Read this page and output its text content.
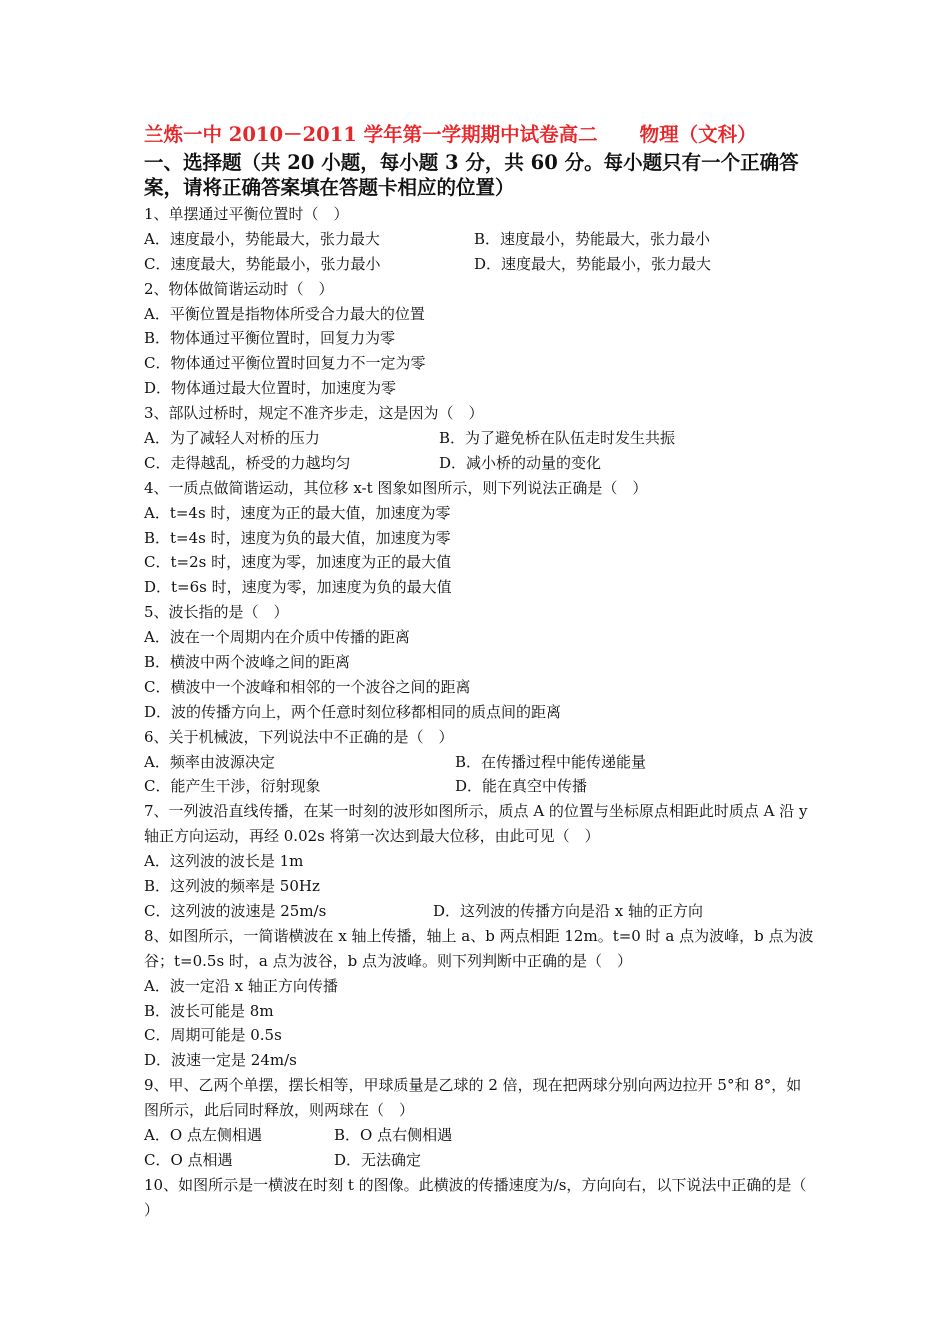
兰炼一中 2010－2011 学年第一学期期中试卷高二 物理（文科）
一、选择题（共 20 小题，每小题 3 分，共 60 分。每小题只有一个正确答案，请将正确答案填在答题卡相应的位置）
1、单摆通过平衡位置时（　）
A．速度最小，势能最大，张力最大	B．速度最小，势能最大，张力最小
C．速度最大，势能最小，张力最小	D．速度最大，势能最小，张力最大
2、物体做简谐运动时（　）
A．平衡位置是指物体所受合力最大的位置
B．物体通过平衡位置时，回复力为零
C．物体通过平衡位置时回复力不一定为零
D．物体通过最大位置时，加速度为零
3、部队过桥时，规定不准齐步走，这是因为（　）
A．为了减轻人对桥的压力	B．为了避免桥在队伍走时发生共振
C．走得越乱，桥受的力越均匀	D．减小桥的动量的变化
4、一质点做简谐运动，其位移 x-t 图象如图所示，则下列说法正确是（　）
A．t=4s 时，速度为正的最大值，加速度为零
B．t=4s 时，速度为负的最大值，加速度为零
C．t=2s 时，速度为零，加速度为正的最大值
D．t=6s 时，速度为零，加速度为负的最大值
5、波长指的是（　）
A．波在一个周期内在介质中传播的距离
B．横波中两个波峰之间的距离
C．横波中一个波峰和相邻的一个波谷之间的距离
D．波的传播方向上，两个任意时刻位移都相同的质点间的距离
6、关于机械波，下列说法中不正确的是（　）
A．频率由波源决定	B．在传播过程中能传递能量
C．能产生干涉，衍射现象	D．能在真空中传播
7、一列波沿直线传播，在某一时刻的波形如图所示，质点 A 的位置与坐标原点相距此时质点 A 沿 y 轴正方向运动，再经 0.02s 将第一次达到最大位移，由此可见（　）
A．这列波的波长是 1m
B．这列波的频率是 50Hz
C．这列波的波速是 25m/s	D．这列波的传播方向是沿 x 轴的正方向
8、如图所示，一简谐横波在 x 轴上传播，轴上 a、b 两点相距 12m。t=0 时 a 点为波峰，b 点为波谷；t=0.5s 时，a 点为波谷，b 点为波峰。则下列判断中正确的是（　）
A．波一定沿 x 轴正方向传播
B．波长可能是 8m
C．周期可能是 0.5s
D．波速一定是 24m/s
9、甲、乙两个单摆，摆长相等，甲球质量是乙球的 2 倍，现在把两球分别向两边拉开 5°和 8°，如图所示，此后同时释放，则两球在（　）
A．O 点左侧相遇	B．O 点右侧相遇
C．O 点相遇	D．无法确定
10、如图所示是一横波在时刻 t 的图像。此横波的传播速度为/s，方向向右，以下说法中正确的是（ ）
